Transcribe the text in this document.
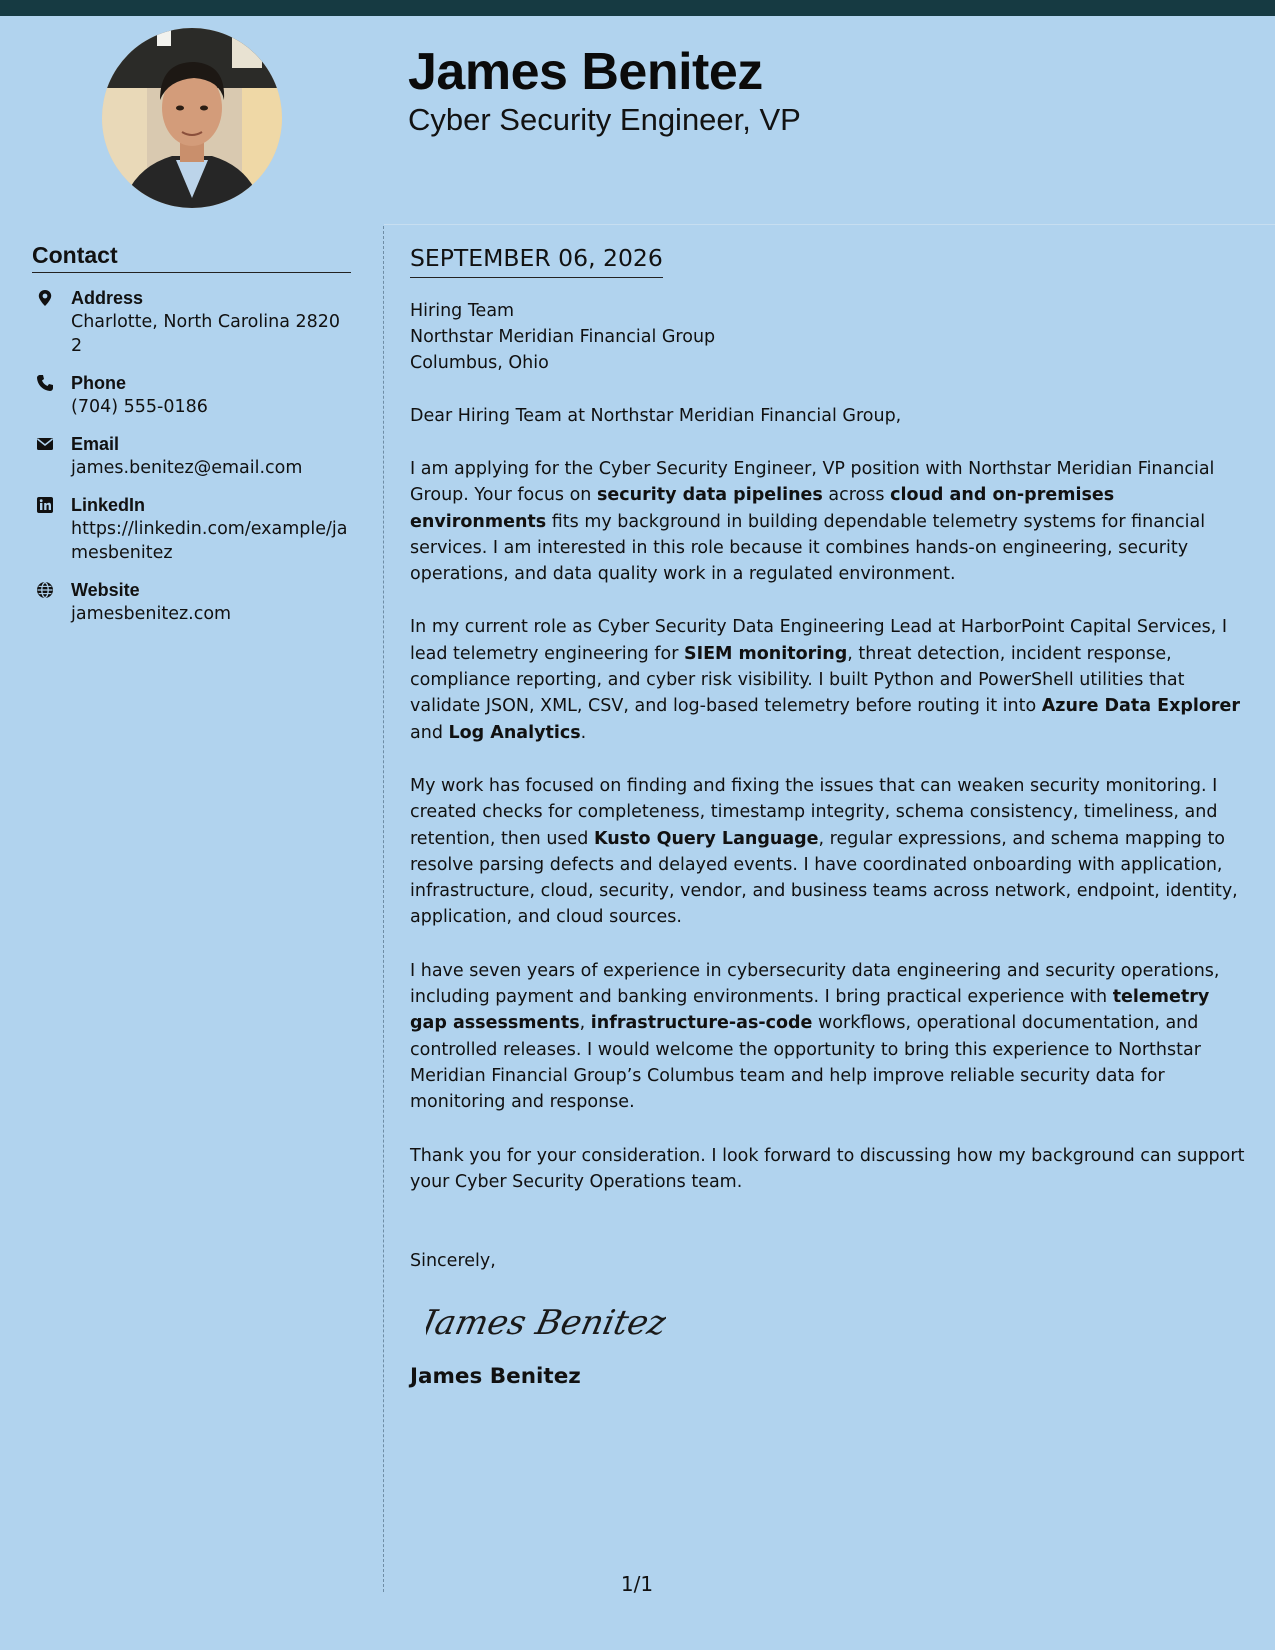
James Benitez
Cyber Security Engineer, VP
Contact
Address
Charlotte, North Carolina 28202
Phone
(704) 555-0186
Email
james.benitez@email.com
LinkedIn
https://linkedin.com/example/jamesbenitez
Website
jamesbenitez.com
SEPTEMBER 06, 2026
Hiring Team
Northstar Meridian Financial Group
Columbus, Ohio
Dear Hiring Team at Northstar Meridian Financial Group,

I am applying for the Cyber Security Engineer, VP position with Northstar Meridian Financial Group. Your focus on security data pipelines across cloud and on-premises environments fits my background in building dependable telemetry systems for financial services. I am interested in this role because it combines hands-on engineering, security operations, and data quality work in a regulated environment.

In my current role as Cyber Security Data Engineering Lead at HarborPoint Capital Services, I lead telemetry engineering for SIEM monitoring, threat detection, incident response, compliance reporting, and cyber risk visibility. I built Python and PowerShell utilities that validate JSON, XML, CSV, and log-based telemetry before routing it into Azure Data Explorer and Log Analytics.

My work has focused on finding and fixing the issues that can weaken security monitoring. I created checks for completeness, timestamp integrity, schema consistency, timeliness, and retention, then used Kusto Query Language, regular expressions, and schema mapping to resolve parsing defects and delayed events. I have coordinated onboarding with application, infrastructure, cloud, security, vendor, and business teams across network, endpoint, identity, application, and cloud sources.

I have seven years of experience in cybersecurity data engineering and security operations, including payment and banking environments. I bring practical experience with telemetry gap assessments, infrastructure-as-code workflows, operational documentation, and controlled releases. I would welcome the opportunity to bring this experience to Northstar Meridian Financial Group’s Columbus team and help improve reliable security data for monitoring and response.

Thank you for your consideration. I look forward to discussing how my background can support your Cyber Security Operations team.

Sincerely,
James Benitez
James Benitez
1/1
